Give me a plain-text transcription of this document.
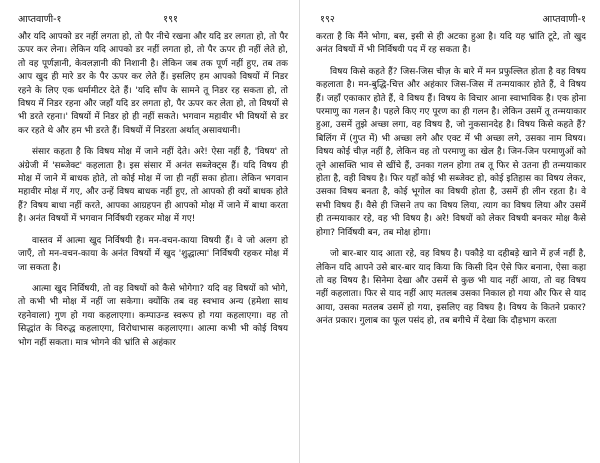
आप्तवाणी-१	१९१

और यदि आपको डर नहीं लगता हो, तो पैर नीचे रखना और यदि डर लगता हो, तो पैर ऊपर कर लेना। लेकिन यदि आपको डर नहीं लगता हो, तो पैर ऊपर ही नहीं लेते हो, तो वह पूर्णज्ञानी, केवलज्ञानी की निशानी है। लेकिन जब तक पूर्ण नहीं हुए, तब तक आप खुद ही मारे डर के पैर ऊपर कर लेते हैं। इसलिए हम आपको विषयों में निडर रहने के लिए एक धर्मामीटर देते हैं। 'यदि साँप के सामने तू निडर रह सकता हो, तो विषय में निडर रहना और जहाँ यदि डर लगता हो, पैर ऊपर कर लेता हो, तो विषयों से भी डरते रहना।' विषयों में निडर हो ही नहीं सकते। भगवान महावीर भी विषयों से डर कर रहते थे और हम भी डरते हैं। विषयों में निडरता अर्थात् असावधानी।

संसार कहता है कि विषय मोक्ष में जाने नहीं देते। अरे! ऐसा नहीं है, 'विषय' तो अंग्रेजी में 'सब्जेक्ट' कहलाता है। इस संसार में अनंत सब्जेक्ट्स हैं। यदि विषय ही मोक्ष में जाने में बाधक होते, तो कोई मोक्ष में जा ही नहीं सका होता। लेकिन भगवान महावीर मोक्ष में गए, और उन्हें विषय बाधक नहीं हुए, तो आपको ही क्यों बाधक होते हैं? विषय बाधा नहीं करते, आपका आग्रहपन ही आपको मोक्ष में जाने में बाधा करता है। अनंत विषयों में भगवान निर्विषयी रहकर मोक्ष में गए!

वास्तव में आत्मा खुद निर्विषयी है। मन-वचन-काया विषयी हैं। वे जो अलग हो जाएँ, तो मन-वचन-काया के अनंत विषयों में खुद 'शुद्धात्मा' निर्विषयी रहकर मोक्ष में जा सकता है।

आत्मा खुद निर्विषयी, तो वह विषयों को कैसे भोगेगा? यदि वह विषयों को भोगे, तो कभी भी मोक्ष में नहीं जा सकेगा। क्योंकि तब वह स्वभाव अन्य (हमेशा साथ रहनेवाला) गुण हो गया कहलाएगा। कम्पाउन्ड स्वरूप हो गया कहलाएगा। वह तो सिद्धांत के विरुद्ध कहलाएगा, विरोधाभास कहलाएगा। आत्मा कभी भी कोई विषय भोग नहीं सकता। मात्र भोगने की भ्रांति से अहंकार

१९२	आप्तवाणी-१

करता है कि मैंने भोगा, बस, इसी से ही अटका हुआ है। यदि यह भ्रांति टूटे, तो खुद अनंत विषयों में भी निर्विषयी पद में रह सकता है।

विषय किसे कहते हैं? जिस-जिस चीज़ के बारे में मन प्रफुल्लित होता है वह विषय कहलाता है। मन-बुद्धि-चित्त और अहंकार जिस-जिस में तन्मयाकार होते हैं, वे विषय हैं। जहाँ एकाकार होते हैं, वे विषय हैं। विषय के विचार आना स्वाभाविक है। एक होना परमाणु का गलन है। पहले किए गए पूरण का ही गलन है। लेकिन उसमें तू तन्मयाकार हुआ, उसमें तुझे अच्छा लगा, वह विषय है, जो नुकसानदेह है। विषय किसे कहते हैं? बिलिंग में (गुप्त में) भी अच्छा लगे और एक्ट में भी अच्छा लगे, उसका नाम विषय। विषय कोई चीज़ नहीं है, लेकिन वह तो परमाणु का खेल है। जिन-जिन परमाणुओं को तूने आसक्ति भाव से खींचे हैं, उनका गलन होगा तब तू फिर से उतना ही तन्मयाकार होता है, वही विषय है। फिर यहाँ कोई भी सब्जेक्ट हो, कोई इतिहास का विषय लेकर, उसका विषय बनता है, कोई भूगोल का विषयी होता है, उसमें ही लीन रहता है। वे सभी विषय हैं। वैसे ही जिसने तप का विषय लिया, त्याग का विषय लिया और उसमें ही तन्मयाकार रहे, वह भी विषय है। अरे! विषयों को लेकर विषयी बनकर मोक्ष कैसे होगा? निर्विषयी बन, तब मोक्ष होगा।

जो बार-बार याद आता रहे, वह विषय है। पकौड़े या दहीबड़े खाने में हर्ज नहीं है, लेकिन यदि आपने उसे बार-बार याद किया कि किसी दिन ऐसे फिर बनाना, ऐसा कहा तो वह विषय है। सिनेमा देखा और उसमें से कुछ भी याद नहीं आया, तो वह विषय नहीं कहलाता। फिर से याद नहीं आए मतलब उसका निकाल हो गया और फिर से याद आया, उसका मतलब उसमें हो गया, इसलिए वह विषय है। विषय के कितने प्रकार? अनंत प्रकार। गुलाब का फूल पसंद हो, तब बगीचे में देखा कि दौड़भाग करता
